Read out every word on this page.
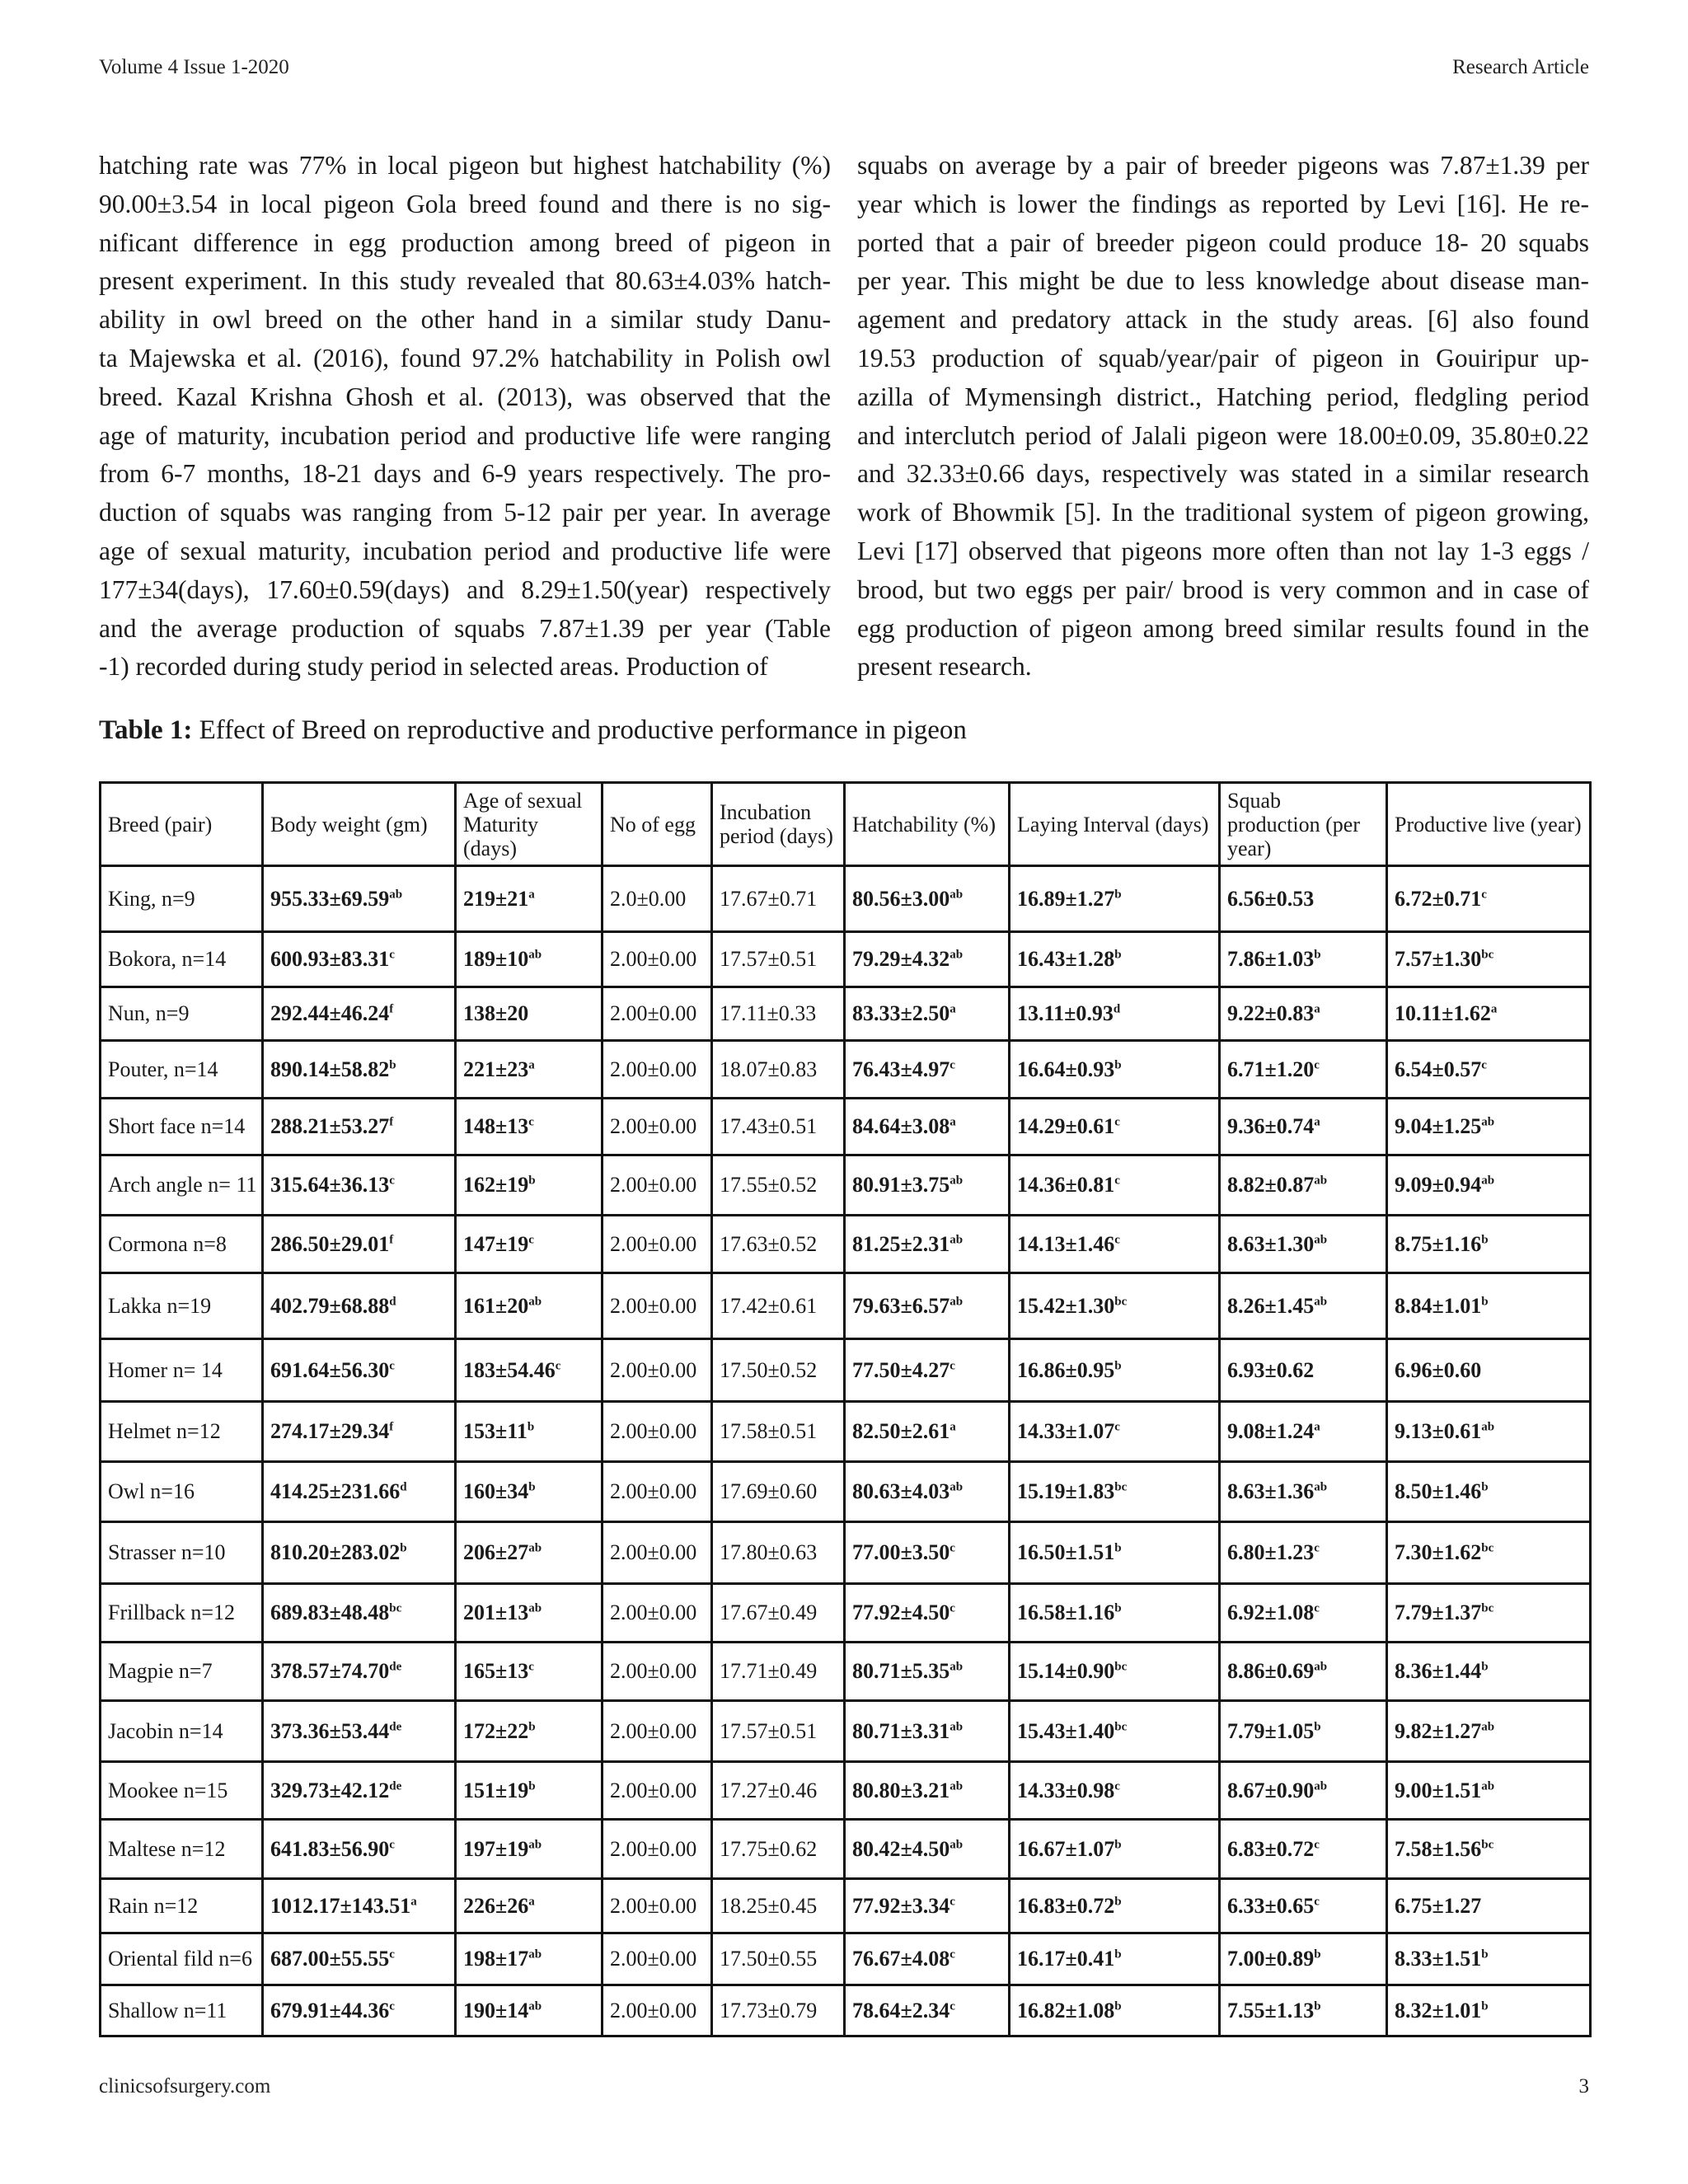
Volume 4 Issue 1-2020	Research Article
hatching rate was 77% in local pigeon but highest hatchability (%)
90.00±3.54 in local pigeon Gola breed found and there is no sig-
nificant difference in egg production among breed of pigeon in
present experiment. In this study revealed that 80.63±4.03% hatch-
ability in owl breed on the other hand in a similar study Danu-
ta Majewska et al. (2016), found 97.2% hatchability in Polish owl
breed. Kazal Krishna Ghosh et al. (2013), was observed that the
age of maturity, incubation period and productive life were ranging
from 6-7 months, 18-21 days and 6-9 years respectively. The pro-
duction of squabs was ranging from 5-12 pair per year. In average
age of sexual maturity, incubation period and productive life were
177±34(days), 17.60±0.59(days) and 8.29±1.50(year) respectively
and the average production of squabs 7.87±1.39 per year (Table
-1) recorded during study period in selected areas. Production of
squabs on average by a pair of breeder pigeons was 7.87±1.39 per
year which is lower the findings as reported by Levi [16]. He re-
ported that a pair of breeder pigeon could produce 18- 20 squabs
per year. This might be due to less knowledge about disease man-
agement and predatory attack in the study areas. [6] also found
19.53 production of squab/year/pair of pigeon in Gouiripur up-
azilla of Mymensingh district., Hatching period, fledgling period
and interclutch period of Jalali pigeon were 18.00±0.09, 35.80±0.22
and 32.33±0.66 days, respectively was stated in a similar research
work of Bhowmik [5]. In the traditional system of pigeon growing,
Levi [17] observed that pigeons more often than not lay 1-3 eggs /
brood, but two eggs per pair/ brood is very common and in case of
egg production of pigeon among breed similar results found in the
present research.
Table 1: Effect of Breed on reproductive and productive performance in pigeon
Breed (pair)	Body weight (gm)	Age of sexual Maturity (days)	No of egg	Incubation period (days)	Hatchability (%)	Laying Interval (days)	Squab production (per year)	Productive live (year)
King, n=9	955.33±69.59$^{ab}$	$219\pm 21^a$	2.0±0.00	17.67±0.71	80.56±3.00$^{ab}$	16.89±1.27$^b$	6.56±0.53	6.72±0.71$^c$
Bokora, n=14	600.93±83.31$^c$	$189\pm 10^{ab}$	2.00±0.00	17.57±0.51	79.29±4.32$^{ab}$	16.43±1.28$^b$	7.86±1.03$^b$	7.57±1.30$^{bc}$
Nun, n=9	292.44±46.24$^f$	138±20	2.00±0.00	17.11±0.33	83.33±2.50$^a$	13.11±0.93$^d$	9.22±0.83$^a$	10.11±1.62$^a$
Pouter, n=14	890.14±58.82$^b$	$221\pm 23^a$	2.00±0.00	18.07±0.83	76.43±4.97$^c$	16.64±0.93$^b$	6.71±1.20$^c$	6.54±0.57$^c$
Short face n=14	288.21±53.27$^f$	$148\pm 13^c$	2.00±0.00	17.43±0.51	84.64±3.08$^a$	14.29±0.61$^c$	9.36±0.74$^a$	9.04±1.25$^{ab}$
Arch angle n= 11	315.64±36.13$^c$	$162\pm 19^b$	2.00±0.00	17.55±0.52	80.91±3.75$^{ab}$	14.36±0.81$^c$	8.82±0.87$^{ab}$	9.09±0.94$^{ab}$
Cormona n=8	286.50±29.01$^f$	$147\pm 19^c$	2.00±0.00	17.63±0.52	81.25±2.31$^{ab}$	14.13±1.46$^c$	8.63±1.30$^{ab}$	8.75±1.16$^b$
Lakka n=19	402.79±68.88$^d$	$161\pm 20^{ab}$	2.00±0.00	17.42±0.61	79.63±6.57$^{ab}$	15.42±1.30$^{bc}$	8.26±1.45$^{ab}$	8.84±1.01$^b$
Homer n= 14	691.64±56.30$^c$	183±54.46$^c$	2.00±0.00	17.50±0.52	77.50±4.27$^c$	16.86±0.95$^b$	6.93±0.62	6.96±0.60
Helmet n=12	274.17±29.34$^f$	$153\pm 11^b$	2.00±0.00	17.58±0.51	82.50±2.61$^a$	14.33±1.07$^c$	9.08±1.24$^a$	9.13±0.61$^{ab}$
Owl n=16	414.25±231.66$^d$	$160\pm 34^b$	2.00±0.00	17.69±0.60	80.63±4.03$^{ab}$	15.19±1.83$^{bc}$	8.63±1.36$^{ab}$	8.50±1.46$^b$
Strasser n=10	810.20±283.02$^b$	$206\pm 27^{ab}$	2.00±0.00	17.80±0.63	77.00±3.50$^c$	16.50±1.51$^b$	6.80±1.23$^c$	7.30±1.62$^{bc}$
Frillback n=12	689.83±48.48$^{bc}$	$201\pm 13^{ab}$	2.00±0.00	17.67±0.49	77.92±4.50$^c$	16.58±1.16$^b$	6.92±1.08$^c$	7.79±1.37$^{bc}$
Magpie n=7	378.57±74.70de	$165\pm 13^c$	2.00±0.00	17.71±0.49	80.71±5.35$^{ab}$	15.14±0.90$^{bc}$	8.86±0.69$^{ab}$	8.36±1.44$^b$
Jacobin n=14	373.36±53.44de	$172\pm 22^b$	2.00±0.00	17.57±0.51	80.71±3.31$^{ab}$	15.43±1.40$^{bc}$	7.79±1.05$^b$	9.82±1.27$^{ab}$
Mookee n=15	329.73±42.12de	$151\pm 19^b$	2.00±0.00	17.27±0.46	80.80±3.21$^{ab}$	14.33±0.98$^c$	8.67±0.90$^{ab}$	9.00±1.51$^{ab}$
Maltese n=12	641.83±56.90$^c$	$197\pm 19^{ab}$	2.00±0.00	17.75±0.62	80.42±4.50$^{ab}$	16.67±1.07$^b$	6.83±0.72$^c$	7.58±1.56$^{bc}$
Rain n=12	1012.17±143.51$^a$	$226\pm 26^a$	2.00±0.00	18.25±0.45	77.92±3.34$^c$	16.83±0.72$^b$	6.33±0.65$^c$	6.75±1.27
Oriental fild n=6	687.00±55.55$^c$	$198\pm 17^{ab}$	2.00±0.00	17.50±0.55	76.67±4.08$^c$	16.17±0.41$^b$	7.00±0.89$^b$	8.33±1.51$^b$
Shallow n=11	679.91±44.36$^c$	$190\pm 14^{ab}$	2.00±0.00	17.73±0.79	78.64±2.34$^c$	16.82±1.08$^b$	7.55±1.13$^b$	8.32±1.01$^b$
clinicsofsurgery.com	3
